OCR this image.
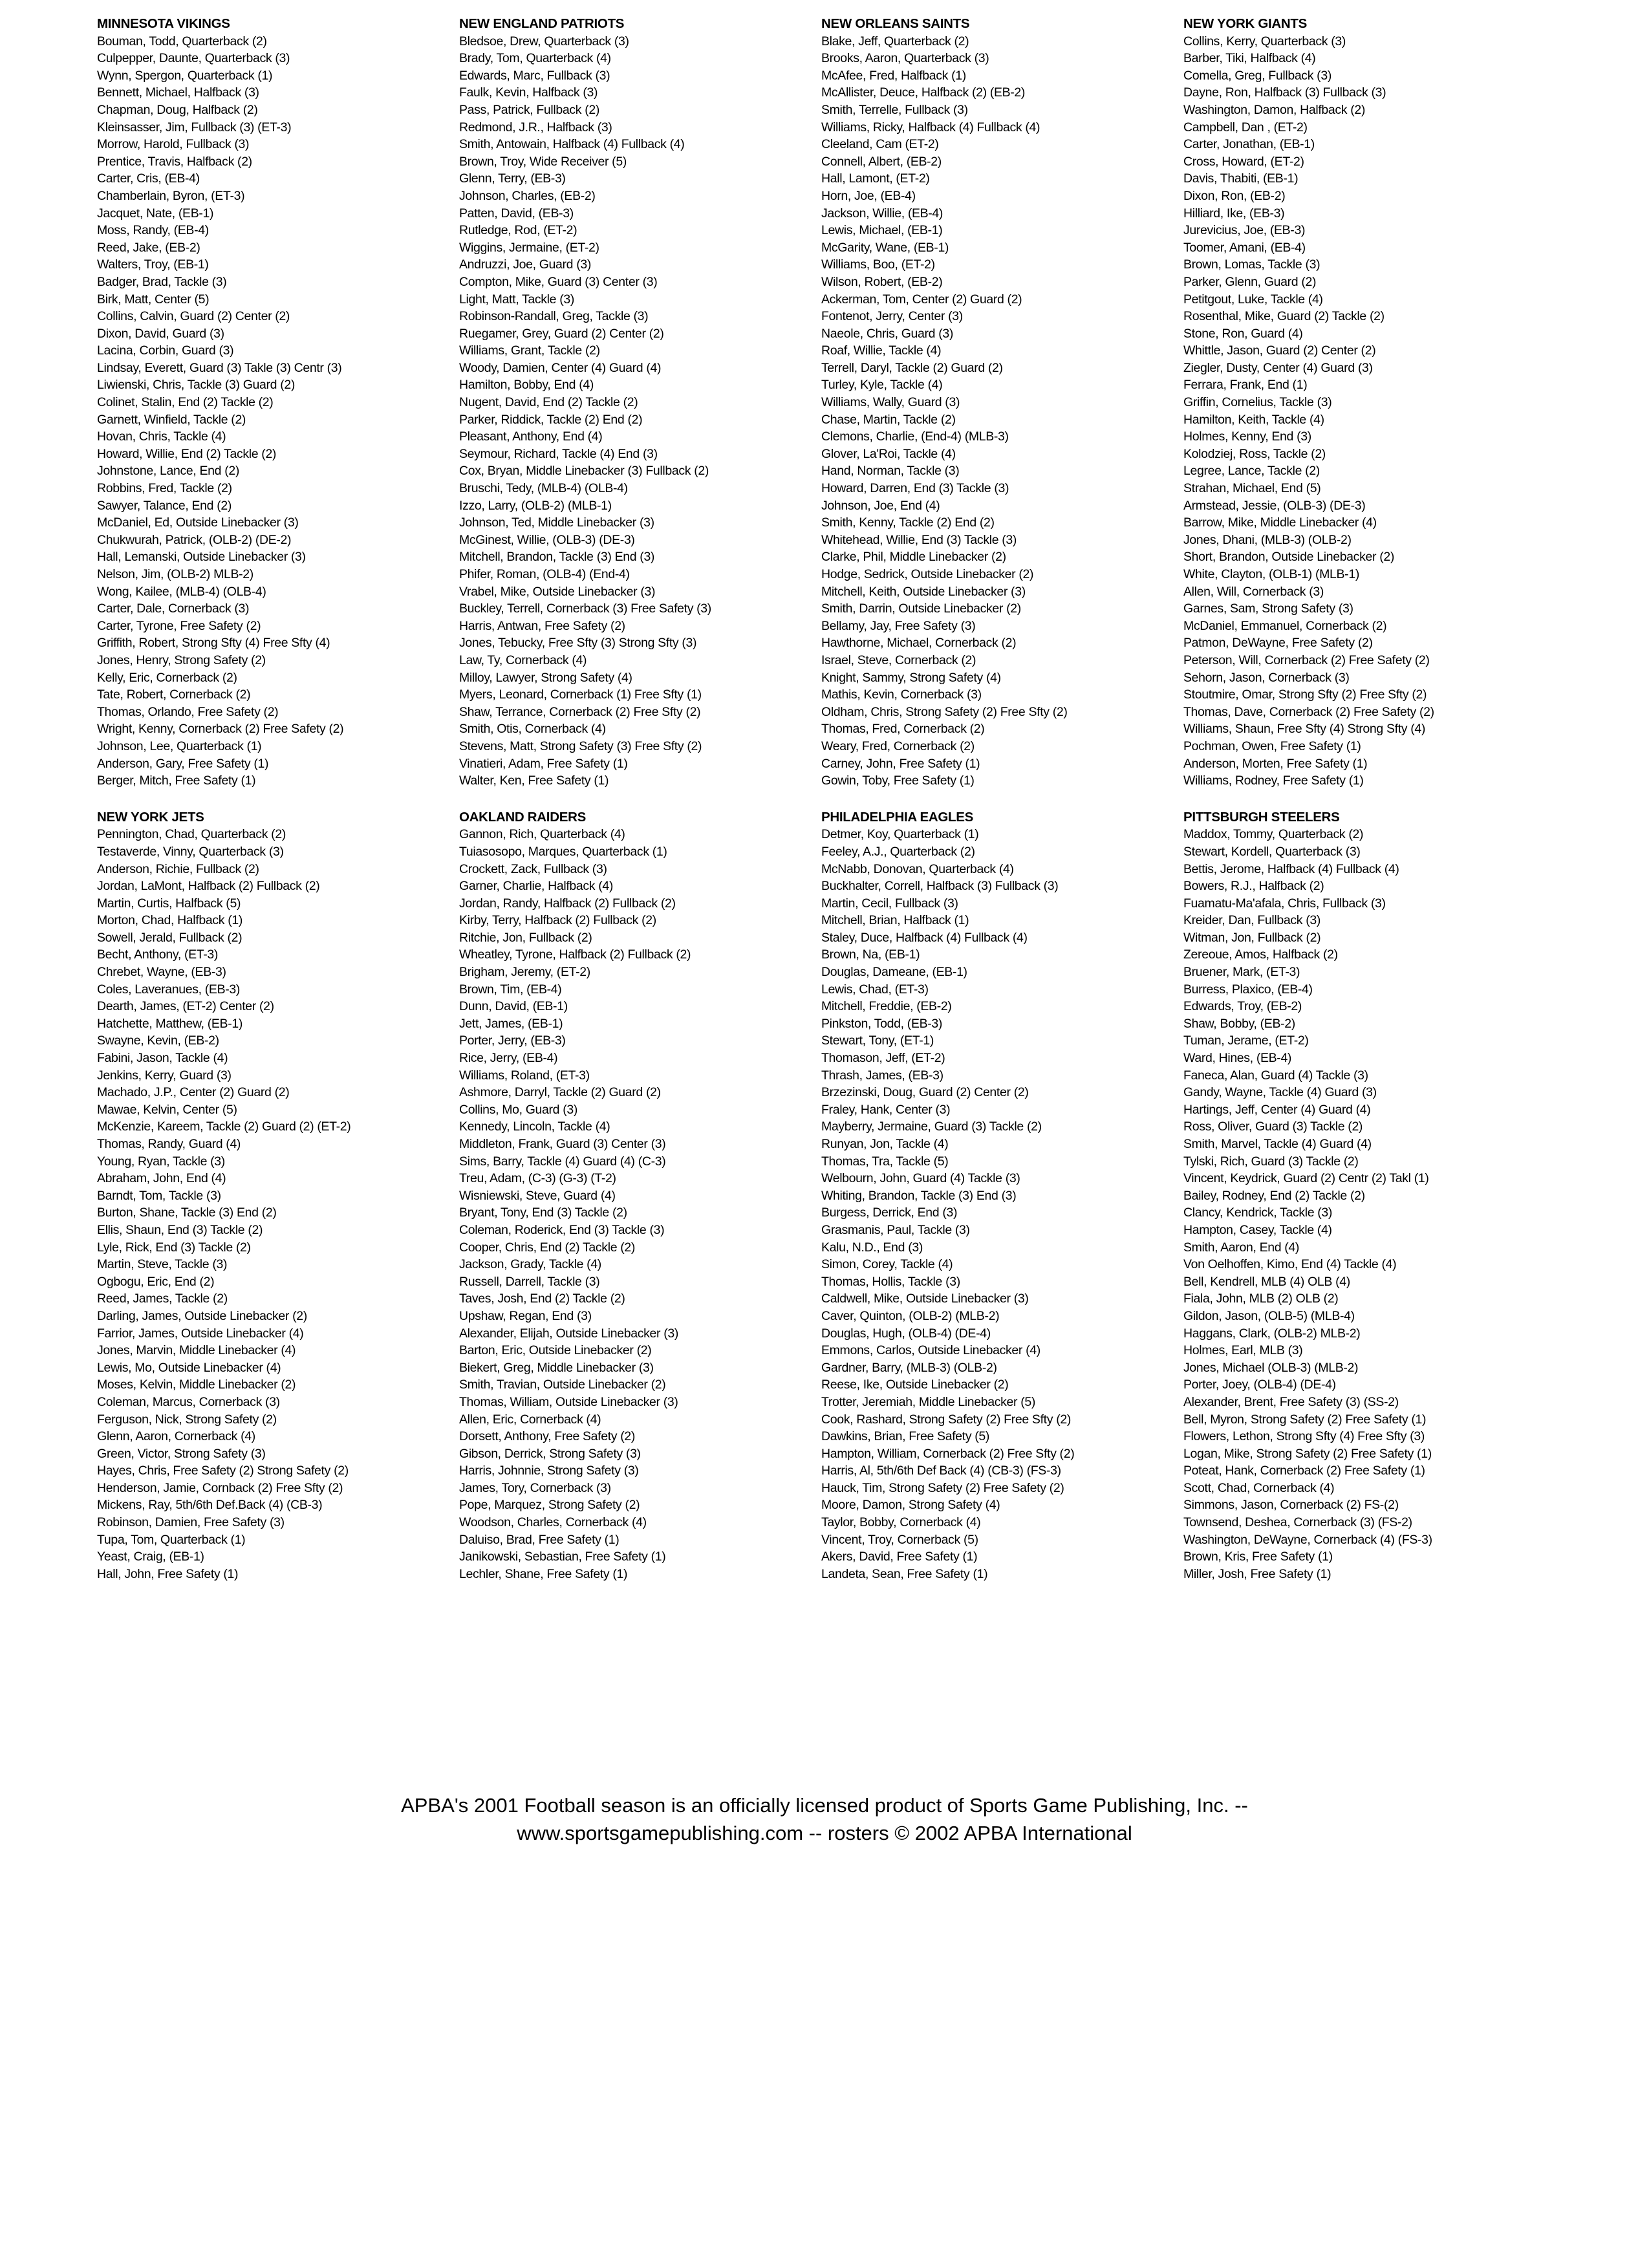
MINNESOTA VIKINGS
Bouman, Todd, Quarterback (2)
Culpepper, Daunte, Quarterback (3)
Wynn, Spergon, Quarterback (1)
Bennett, Michael, Halfback (3)
Chapman, Doug, Halfback (2)
Kleinsasser, Jim, Fullback (3) (ET-3)
Morrow, Harold, Fullback (3)
Prentice, Travis, Halfback (2)
Carter, Cris, (EB-4)
Chamberlain, Byron, (ET-3)
Jacquet, Nate, (EB-1)
Moss, Randy, (EB-4)
Reed, Jake, (EB-2)
Walters, Troy, (EB-1)
Badger, Brad, Tackle (3)
Birk, Matt, Center (5)
Collins, Calvin, Guard (2) Center (2)
Dixon, David, Guard (3)
Lacina, Corbin, Guard (3)
Lindsay, Everett, Guard (3) Takle (3) Centr (3)
Liwienski, Chris, Tackle (3) Guard (2)
Colinet, Stalin, End (2) Tackle (2)
Garnett, Winfield, Tackle (2)
Hovan, Chris, Tackle (4)
Howard, Willie, End (2) Tackle (2)
Johnstone, Lance, End (2)
Robbins, Fred, Tackle (2)
Sawyer, Talance, End (2)
McDaniel, Ed, Outside Linebacker (3)
Chukwurah, Patrick, (OLB-2) (DE-2)
Hall, Lemanski, Outside Linebacker (3)
Nelson, Jim, (OLB-2) MLB-2)
Wong, Kailee, (MLB-4) (OLB-4)
Carter, Dale, Cornerback (3)
Carter, Tyrone, Free Safety (2)
Griffith, Robert, Strong Sfty (4) Free Sfty (4)
Jones, Henry, Strong Safety (2)
Kelly, Eric, Cornerback (2)
Tate, Robert, Cornerback (2)
Thomas, Orlando, Free Safety (2)
Wright, Kenny, Cornerback (2) Free Safety (2)
Johnson, Lee, Quarterback (1)
Anderson, Gary, Free Safety (1)
Berger, Mitch, Free Safety (1)
NEW ENGLAND PATRIOTS
Bledsoe, Drew, Quarterback (3)
Brady, Tom, Quarterback (4)
Edwards, Marc, Fullback (3)
Faulk, Kevin, Halfback (3)
Pass, Patrick, Fullback (2)
Redmond, J.R., Halfback (3)
Smith, Antowain, Halfback (4) Fullback (4)
Brown, Troy, Wide Receiver (5)
Glenn, Terry, (EB-3)
Johnson, Charles, (EB-2)
Patten, David, (EB-3)
Rutledge, Rod, (ET-2)
Wiggins, Jermaine, (ET-2)
Andruzzi, Joe, Guard (3)
Compton, Mike, Guard (3) Center (3)
Light, Matt, Tackle (3)
Robinson-Randall, Greg, Tackle (3)
Ruegamer, Grey, Guard (2) Center (2)
Williams, Grant, Tackle (2)
Woody, Damien, Center (4) Guard (4)
Hamilton, Bobby, End (4)
Nugent, David, End (2) Tackle (2)
Parker, Riddick, Tackle (2) End (2)
Pleasant, Anthony, End (4)
Seymour, Richard, Tackle (4) End (3)
Cox, Bryan, Middle Linebacker (3) Fullback (2)
Bruschi, Tedy, (MLB-4) (OLB-4)
Izzo, Larry, (OLB-2) (MLB-1)
Johnson, Ted, Middle Linebacker (3)
McGinest, Willie, (OLB-3) (DE-3)
Mitchell, Brandon, Tackle (3) End (3)
Phifer, Roman, (OLB-4) (End-4)
Vrabel, Mike, Outside Linebacker (3)
Buckley, Terrell, Cornerback (3) Free Safety (3)
Harris, Antwan, Free Safety (2)
Jones, Tebucky, Free Sfty (3) Strong Sfty (3)
Law, Ty, Cornerback (4)
Milloy, Lawyer, Strong Safety (4)
Myers, Leonard, Cornerback (1) Free Sfty (1)
Shaw, Terrance, Cornerback (2) Free Sfty (2)
Smith, Otis, Cornerback (4)
Stevens, Matt, Strong Safety (3) Free Sfty (2)
Vinatieri, Adam, Free Safety (1)
Walter, Ken, Free Safety (1)
NEW ORLEANS SAINTS
Blake, Jeff, Quarterback (2)
Brooks, Aaron, Quarterback (3)
McAfee, Fred, Halfback (1)
McAllister, Deuce, Halfback (2) (EB-2)
Smith, Terrelle, Fullback (3)
Williams, Ricky, Halfback (4) Fullback (4)
Cleeland, Cam (ET-2)
Connell, Albert, (EB-2)
Hall, Lamont, (ET-2)
Horn, Joe, (EB-4)
Jackson, Willie, (EB-4)
Lewis, Michael, (EB-1)
McGarity, Wane, (EB-1)
Williams, Boo, (ET-2)
Wilson, Robert, (EB-2)
Ackerman, Tom, Center (2) Guard (2)
Fontenot, Jerry, Center (3)
Naeole, Chris, Guard (3)
Roaf, Willie, Tackle (4)
Terrell, Daryl, Tackle (2) Guard (2)
Turley, Kyle, Tackle (4)
Williams, Wally, Guard (3)
Chase, Martin, Tackle (2)
Clemons, Charlie, (End-4) (MLB-3)
Glover, La'Roi, Tackle (4)
Hand, Norman, Tackle (3)
Howard, Darren, End (3) Tackle (3)
Johnson, Joe, End (4)
Smith, Kenny, Tackle (2) End (2)
Whitehead, Willie, End (3) Tackle (3)
Clarke, Phil, Middle Linebacker (2)
Hodge, Sedrick, Outside Linebacker (2)
Mitchell, Keith, Outside Linebacker (3)
Smith, Darrin, Outside Linebacker (2)
Bellamy, Jay, Free Safety (3)
Hawthorne, Michael, Cornerback (2)
Israel, Steve, Cornerback (2)
Knight, Sammy, Strong Safety (4)
Mathis, Kevin, Cornerback (3)
Oldham, Chris, Strong Safety (2) Free Sfty (2)
Thomas, Fred, Cornerback (2)
Weary, Fred, Cornerback (2)
Carney, John, Free Safety (1)
Gowin, Toby, Free Safety (1)
NEW YORK GIANTS
Collins, Kerry, Quarterback (3)
Barber, Tiki, Halfback (4)
Comella, Greg, Fullback (3)
Dayne, Ron, Halfback (3) Fullback (3)
Washington, Damon, Halfback (2)
Campbell, Dan , (ET-2)
Carter, Jonathan, (EB-1)
Cross, Howard, (ET-2)
Davis, Thabiti, (EB-1)
Dixon, Ron, (EB-2)
Hilliard, Ike, (EB-3)
Jurevicius, Joe, (EB-3)
Toomer, Amani, (EB-4)
Brown, Lomas, Tackle (3)
Parker, Glenn, Guard (2)
Petitgout, Luke, Tackle (4)
Rosenthal, Mike, Guard (2) Tackle (2)
Stone, Ron, Guard (4)
Whittle, Jason, Guard (2) Center (2)
Ziegler, Dusty, Center (4) Guard (3)
Ferrara, Frank, End (1)
Griffin, Cornelius, Tackle (3)
Hamilton, Keith, Tackle (4)
Holmes, Kenny, End (3)
Kolodziej, Ross, Tackle (2)
Legree, Lance, Tackle (2)
Strahan, Michael, End (5)
Armstead, Jessie, (OLB-3) (DE-3)
Barrow, Mike, Middle Linebacker (4)
Jones, Dhani, (MLB-3) (OLB-2)
Short, Brandon, Outside Linebacker (2)
White, Clayton, (OLB-1) (MLB-1)
Allen, Will, Cornerback (3)
Garnes, Sam, Strong Safety (3)
McDaniel, Emmanuel, Cornerback (2)
Patmon, DeWayne, Free Safety (2)
Peterson, Will, Cornerback (2) Free Safety (2)
Sehorn, Jason, Cornerback (3)
Stoutmire, Omar, Strong Sfty (2) Free Sfty (2)
Thomas, Dave, Cornerback (2) Free Safety (2)
Williams, Shaun, Free Sfty (4) Strong Sfty (4)
Pochman, Owen, Free Safety (1)
Anderson, Morten, Free Safety (1)
Williams, Rodney, Free Safety (1)
NEW YORK JETS
Pennington, Chad, Quarterback (2)
Testaverde, Vinny, Quarterback (3)
Anderson, Richie, Fullback (2)
Jordan, LaMont, Halfback (2) Fullback (2)
Martin, Curtis, Halfback (5)
Morton, Chad, Halfback (1)
Sowell, Jerald, Fullback (2)
Becht, Anthony, (ET-3)
Chrebet, Wayne, (EB-3)
Coles, Laveranues, (EB-3)
Dearth, James, (ET-2) Center (2)
Hatchette, Matthew, (EB-1)
Swayne, Kevin, (EB-2)
Fabini, Jason, Tackle (4)
Jenkins, Kerry, Guard (3)
Machado, J.P., Center (2) Guard (2)
Mawae, Kelvin, Center (5)
McKenzie, Kareem, Tackle (2) Guard (2) (ET-2)
Thomas, Randy, Guard (4)
Young, Ryan, Tackle (3)
Abraham, John, End (4)
Barndt, Tom, Tackle (3)
Burton, Shane, Tackle (3) End (2)
Ellis, Shaun, End (3) Tackle (2)
Lyle, Rick, End (3) Tackle (2)
Martin, Steve, Tackle (3)
Ogbogu, Eric, End (2)
Reed, James, Tackle (2)
Darling, James, Outside Linebacker (2)
Farrior, James, Outside Linebacker (4)
Jones, Marvin, Middle Linebacker (4)
Lewis, Mo, Outside Linebacker (4)
Moses, Kelvin, Middle Linebacker (2)
Coleman, Marcus, Cornerback (3)
Ferguson, Nick, Strong Safety (2)
Glenn, Aaron, Cornerback (4)
Green, Victor, Strong Safety (3)
Hayes, Chris, Free Safety (2) Strong Safety (2)
Henderson, Jamie, Cornback (2) Free Sfty (2)
Mickens, Ray, 5th/6th Def.Back (4) (CB-3)
Robinson, Damien, Free Safety (3)
Tupa, Tom, Quarterback (1)
Yeast, Craig, (EB-1)
Hall, John, Free Safety (1)
OAKLAND RAIDERS
Gannon, Rich, Quarterback (4)
Tuiasosopo, Marques, Quarterback (1)
Crockett, Zack, Fullback (3)
Garner, Charlie, Halfback (4)
Jordan, Randy, Halfback (2) Fullback (2)
Kirby, Terry, Halfback (2) Fullback (2)
Ritchie, Jon, Fullback (2)
Wheatley, Tyrone, Halfback (2) Fullback (2)
Brigham, Jeremy, (ET-2)
Brown, Tim, (EB-4)
Dunn, David, (EB-1)
Jett, James, (EB-1)
Porter, Jerry, (EB-3)
Rice, Jerry, (EB-4)
Williams, Roland, (ET-3)
Ashmore, Darryl, Tackle (2) Guard (2)
Collins, Mo, Guard (3)
Kennedy, Lincoln, Tackle (4)
Middleton, Frank, Guard (3) Center (3)
Sims, Barry, Tackle (4) Guard (4) (C-3)
Treu, Adam, (C-3) (G-3) (T-2)
Wisniewski, Steve, Guard (4)
Bryant, Tony, End (3) Tackle (2)
Coleman, Roderick, End (3) Tackle (3)
Cooper, Chris, End (2) Tackle (2)
Jackson, Grady, Tackle (4)
Russell, Darrell, Tackle (3)
Taves, Josh, End (2) Tackle (2)
Upshaw, Regan, End (3)
Alexander, Elijah, Outside Linebacker (3)
Barton, Eric, Outside Linebacker (2)
Biekert, Greg, Middle Linebacker (3)
Smith, Travian, Outside Linebacker (2)
Thomas, William, Outside Linebacker (3)
Allen, Eric, Cornerback (4)
Dorsett, Anthony, Free Safety (2)
Gibson, Derrick, Strong Safety (3)
Harris, Johnnie, Strong Safety (3)
James, Tory, Cornerback (3)
Pope, Marquez, Strong Safety (2)
Woodson, Charles, Cornerback (4)
Daluiso, Brad, Free Safety (1)
Janikowski, Sebastian, Free Safety (1)
Lechler, Shane, Free Safety (1)
PHILADELPHIA EAGLES
Detmer, Koy, Quarterback (1)
Feeley, A.J., Quarterback (2)
McNabb, Donovan, Quarterback (4)
Buckhalter, Correll, Halfback (3) Fullback (3)
Martin, Cecil, Fullback (3)
Mitchell, Brian, Halfback (1)
Staley, Duce, Halfback (4) Fullback (4)
Brown, Na, (EB-1)
Douglas, Dameane, (EB-1)
Lewis, Chad, (ET-3)
Mitchell, Freddie, (EB-2)
Pinkston, Todd, (EB-3)
Stewart, Tony, (ET-1)
Thomason, Jeff, (ET-2)
Thrash, James, (EB-3)
Brzezinski, Doug, Guard (2) Center (2)
Fraley, Hank, Center (3)
Mayberry, Jermaine, Guard (3) Tackle (2)
Runyan, Jon, Tackle (4)
Thomas, Tra, Tackle (5)
Welbourn, John, Guard (4) Tackle (3)
Whiting, Brandon, Tackle (3) End (3)
Burgess, Derrick, End (3)
Grasmanis, Paul, Tackle (3)
Kalu, N.D., End (3)
Simon, Corey, Tackle (4)
Thomas, Hollis, Tackle (3)
Caldwell, Mike, Outside Linebacker (3)
Caver, Quinton, (OLB-2) (MLB-2)
Douglas, Hugh, (OLB-4) (DE-4)
Emmons, Carlos, Outside Linebacker (4)
Gardner, Barry, (MLB-3) (OLB-2)
Reese, Ike, Outside Linebacker (2)
Trotter, Jeremiah, Middle Linebacker (5)
Cook, Rashard, Strong Safety (2) Free Sfty (2)
Dawkins, Brian, Free Safety (5)
Hampton, William, Cornerback (2) Free Sfty (2)
Harris, Al, 5th/6th Def Back (4) (CB-3) (FS-3)
Hauck, Tim, Strong Safety (2) Free Safety (2)
Moore, Damon, Strong Safety (4)
Taylor, Bobby, Cornerback (4)
Vincent, Troy, Cornerback (5)
Akers, David, Free Safety (1)
Landeta, Sean, Free Safety (1)
PITTSBURGH STEELERS
Maddox, Tommy, Quarterback (2)
Stewart, Kordell, Quarterback (3)
Bettis, Jerome, Halfback (4) Fullback (4)
Bowers, R.J., Halfback (2)
Fuamatu-Ma'afala, Chris, Fullback (3)
Kreider, Dan, Fullback (3)
Witman, Jon, Fullback (2)
Zereoue, Amos, Halfback (2)
Bruener, Mark, (ET-3)
Burress, Plaxico, (EB-4)
Edwards, Troy, (EB-2)
Shaw, Bobby, (EB-2)
Tuman, Jerame, (ET-2)
Ward, Hines, (EB-4)
Faneca, Alan, Guard (4) Tackle (3)
Gandy, Wayne, Tackle (4) Guard (3)
Hartings, Jeff, Center (4) Guard (4)
Ross, Oliver, Guard (3) Tackle (2)
Smith, Marvel, Tackle (4) Guard (4)
Tylski, Rich, Guard (3) Tackle (2)
Vincent, Keydrick, Guard (2) Centr (2) Takl (1)
Bailey, Rodney, End (2) Tackle (2)
Clancy, Kendrick, Tackle (3)
Hampton, Casey, Tackle (4)
Smith, Aaron, End (4)
Von Oelhoffen, Kimo, End (4) Tackle (4)
Bell, Kendrell, MLB (4) OLB (4)
Fiala, John, MLB (2) OLB (2)
Gildon, Jason, (OLB-5) (MLB-4)
Haggans, Clark, (OLB-2) MLB-2)
Holmes, Earl, MLB (3)
Jones, Michael (OLB-3) (MLB-2)
Porter, Joey, (OLB-4) (DE-4)
Alexander, Brent, Free Safety (3) (SS-2)
Bell, Myron, Strong Safety (2) Free Safety (1)
Flowers, Lethon, Strong Sfty (4) Free Sfty (3)
Logan, Mike, Strong Safety (2) Free Safety (1)
Poteat, Hank, Cornerback (2) Free Safety (1)
Scott, Chad, Cornerback (4)
Simmons, Jason, Cornerback (2) FS-(2)
Townsend, Deshea, Cornerback (3) (FS-2)
Washington, DeWayne, Cornerback (4) (FS-3)
Brown, Kris, Free Safety (1)
Miller, Josh, Free Safety (1)
APBA's 2001 Football season is an officially licensed product of Sports Game Publishing, Inc. --
www.sportsgamepublishing.com -- rosters © 2002 APBA International
